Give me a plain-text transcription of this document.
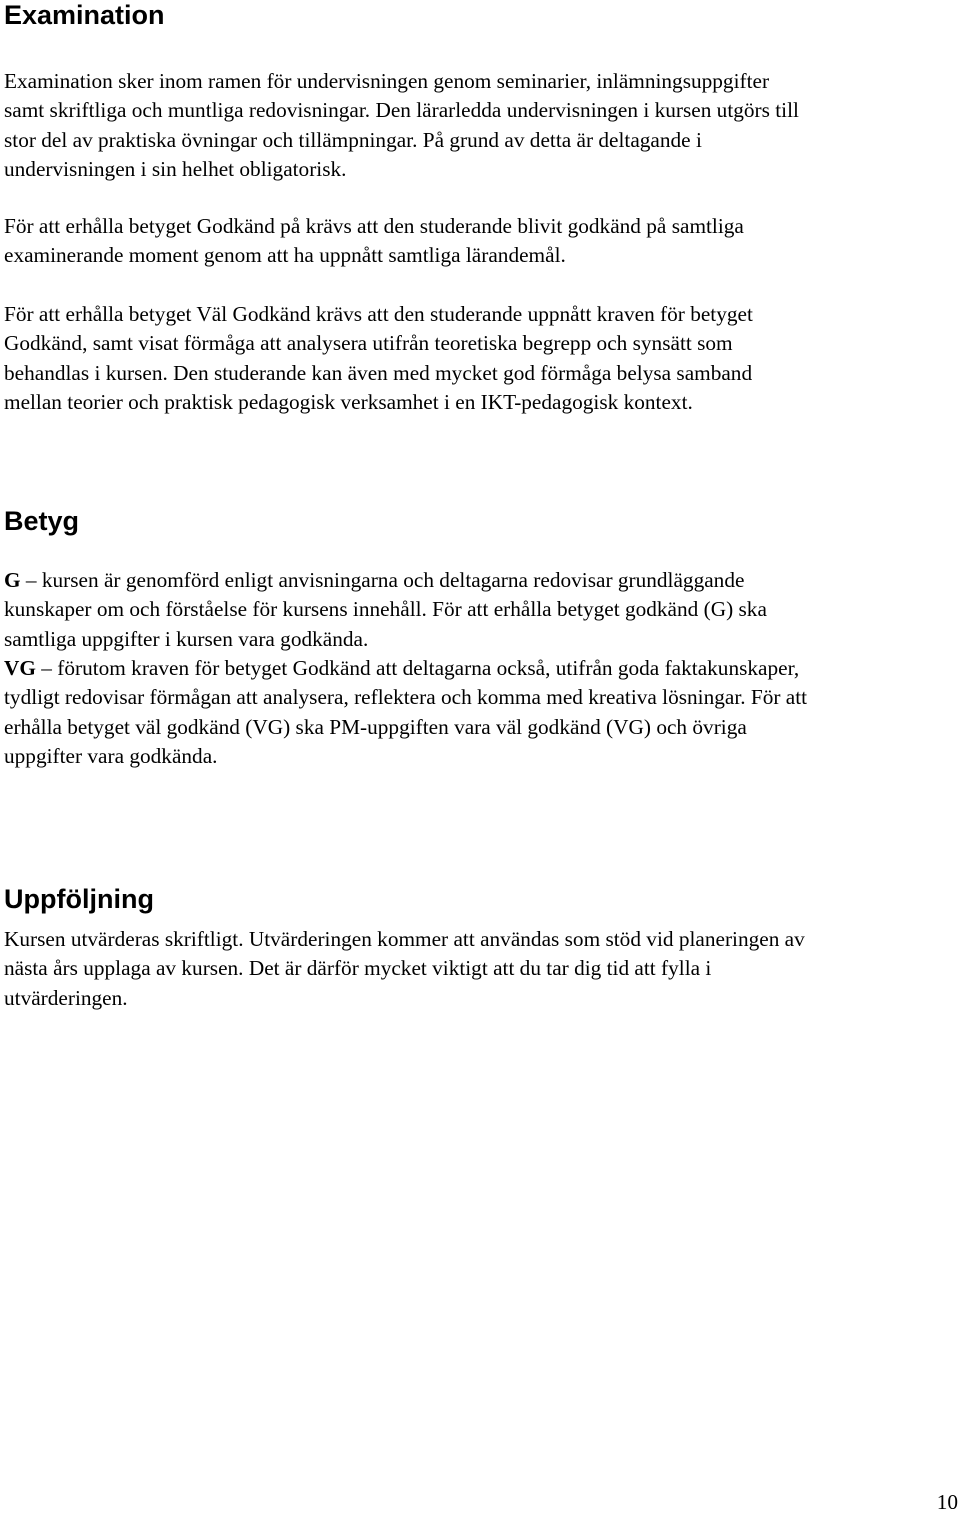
Examination

Examination sker inom ramen för undervisningen genom seminarier, inlämningsuppgifter
samt skriftliga och muntliga redovisningar. Den lärarledda undervisningen i kursen utgörs till
stor del av praktiska övningar och tillämpningar. På grund av detta är deltagande i
undervisningen i sin helhet obligatorisk.

För att erhålla betyget Godkänd på krävs att den studerande blivit godkänd på samtliga
examinerande moment genom att ha uppnått samtliga lärandemål.

För att erhålla betyget Väl Godkänd krävs att den studerande uppnått kraven för betyget
Godkänd, samt visat förmåga att analysera utifrån teoretiska begrepp och synsätt som
behandlas i kursen. Den studerande kan även med mycket god förmåga belysa samband
mellan teorier och praktisk pedagogisk verksamhet i en IKT-pedagogisk kontext.

Betyg

G – kursen är genomförd enligt anvisningarna och deltagarna redovisar grundläggande
kunskaper om och förståelse för kursens innehåll. För att erhålla betyget godkänd (G) ska
samtliga uppgifter i kursen vara godkända.

VG – förutom kraven för betyget Godkänd att deltagarna också, utifrån goda faktakunskaper,
tydligt redovisar förmågan att analysera, reflektera och komma med kreativa lösningar. För att
erhålla betyget väl godkänd (VG) ska PM-uppgiften vara väl godkänd (VG) och övriga
uppgifter vara godkända.

Uppföljning

Kursen utvärderas skriftligt. Utvärderingen kommer att användas som stöd vid planeringen av
nästa års upplaga av kursen. Det är därför mycket viktigt att du tar dig tid att fylla i
utvärderingen.

10
